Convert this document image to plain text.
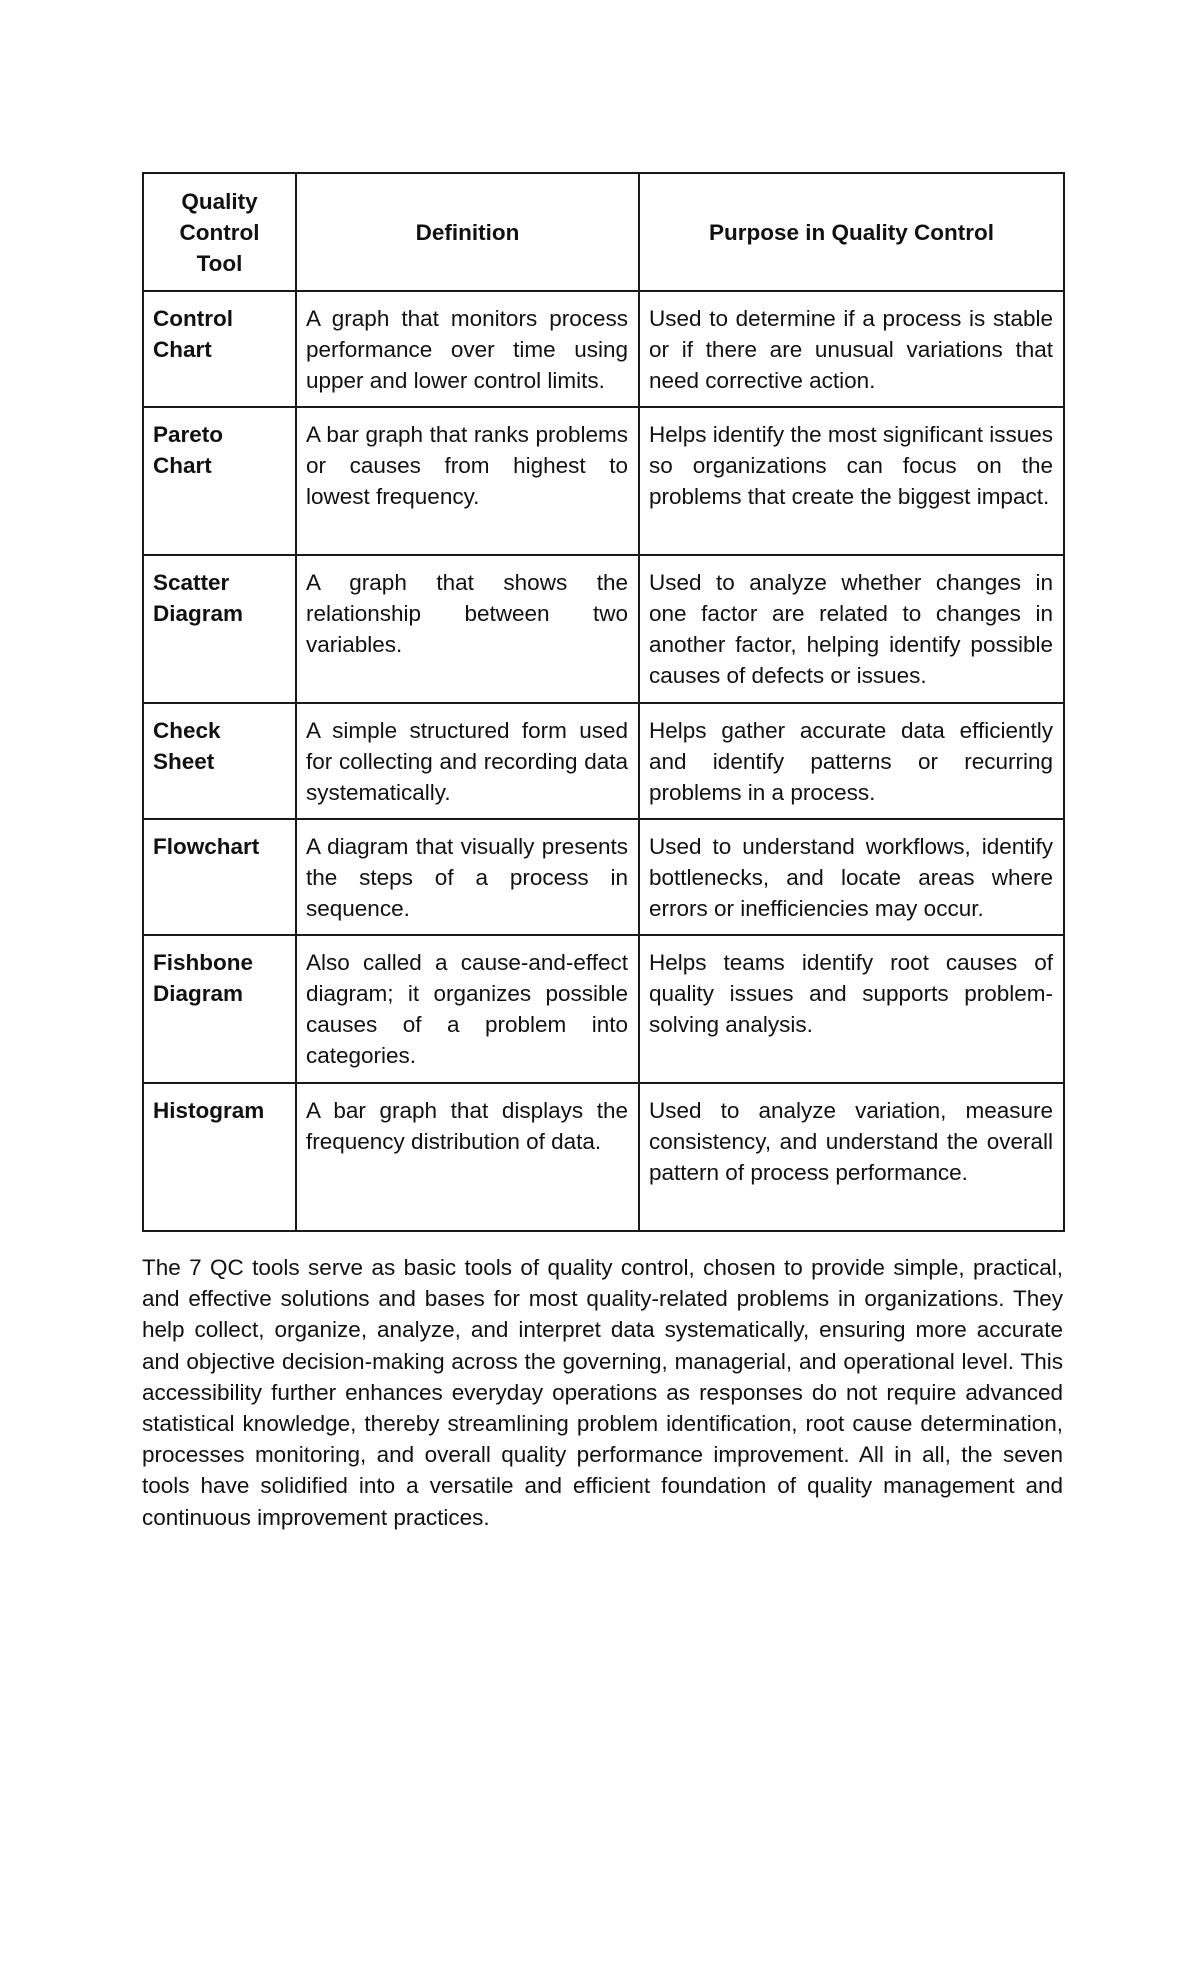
Quality Control Tool	Definition	Purpose in Quality Control
Control Chart	A graph that monitors process performance over time using upper and lower control limits.	Used to determine if a process is stable or if there are unusual variations that need corrective action.
Pareto Chart	A bar graph that ranks problems or causes from highest to lowest frequency.	Helps identify the most significant issues so organizations can focus on the problems that create the biggest impact.
Scatter Diagram	A graph that shows the relationship between two variables.	Used to analyze whether changes in one factor are related to changes in another factor, helping identify possible causes of defects or issues.
Check Sheet	A simple structured form used for collecting and recording data systematically.	Helps gather accurate data efficiently and identify patterns or recurring problems in a process.
Flowchart	A diagram that visually presents the steps of a process in sequence.	Used to understand workflows, identify bottlenecks, and locate areas where errors or inefficiencies may occur.
Fishbone Diagram	Also called a cause-and-effect diagram; it organizes possible causes of a problem into categories.	Helps teams identify root causes of quality issues and supports problem-solving analysis.
Histogram	A bar graph that displays the frequency distribution of data.	Used to analyze variation, measure consistency, and understand the overall pattern of process performance.

The 7 QC tools serve as basic tools of quality control, chosen to provide simple, practical, and effective solutions and bases for most quality-related problems in organizations. They help collect, organize, analyze, and interpret data systematically, ensuring more accurate and objective decision-making across the governing, managerial, and operational level. This accessibility further enhances everyday operations as responses do not require advanced statistical knowledge, thereby streamlining problem identification, root cause determination, processes monitoring, and overall quality performance improvement. All in all, the seven tools have solidified into a versatile and efficient foundation of quality management and continuous improvement practices.
